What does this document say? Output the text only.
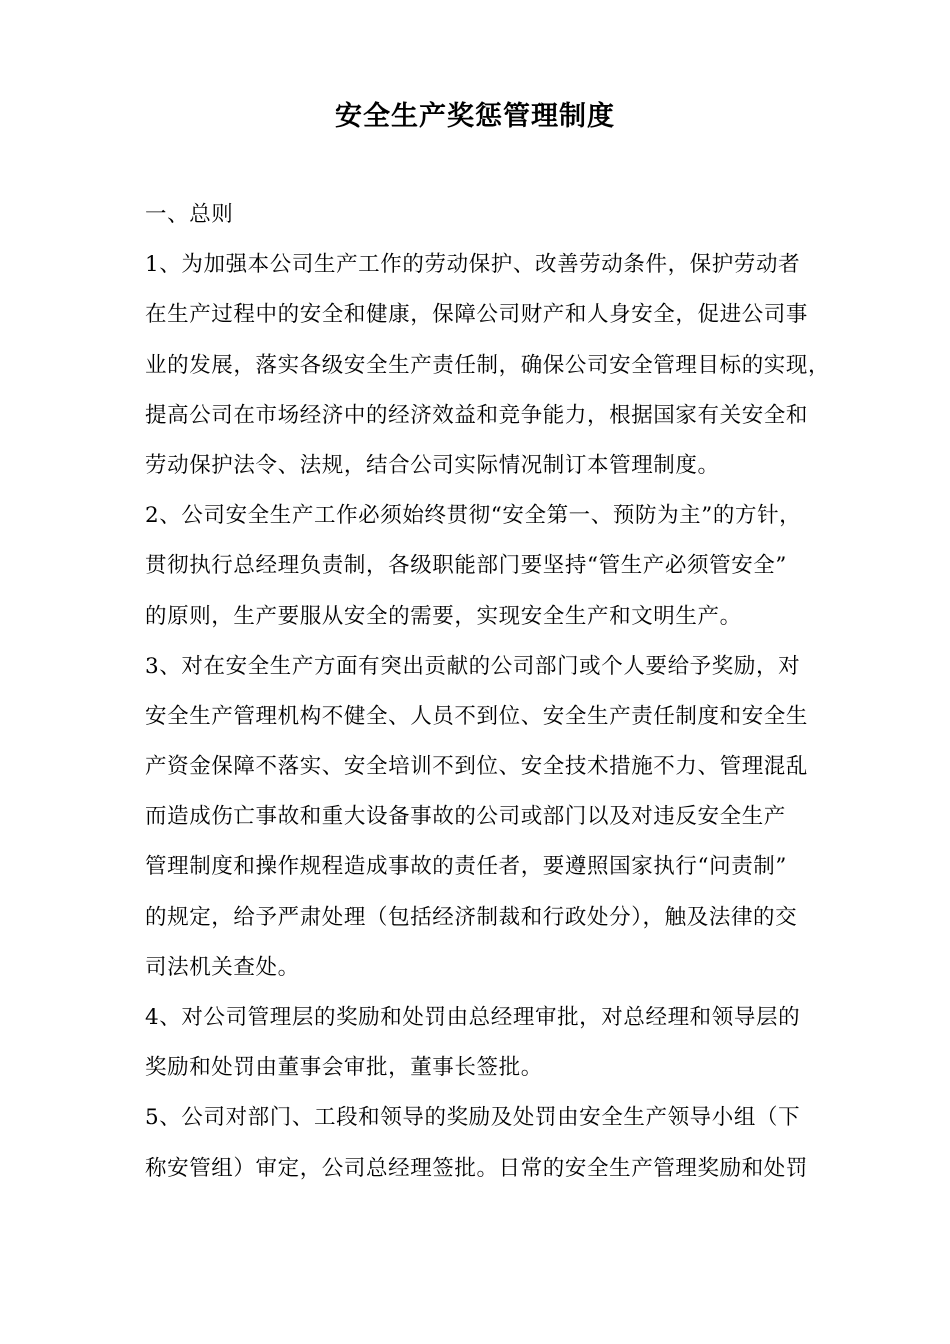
安全生产奖惩管理制度
一、总则
1、为加强本公司生产工作的劳动保护、改善劳动条件，保护劳动者
在生产过程中的安全和健康，保障公司财产和人身安全，促进公司事
业的发展，落实各级安全生产责任制，确保公司安全管理目标的实现，
提高公司在市场经济中的经济效益和竞争能力，根据国家有关安全和
劳动保护法令、法规，结合公司实际情况制订本管理制度。
2、公司安全生产工作必须始终贯彻“安全第一、预防为主”的方针，
贯彻执行总经理负责制，各级职能部门要坚持“管生产必须管安全”
的原则，生产要服从安全的需要，实现安全生产和文明生产。
3、对在安全生产方面有突出贡献的公司部门或个人要给予奖励，对
安全生产管理机构不健全、人员不到位、安全生产责任制度和安全生
产资金保障不落实、安全培训不到位、安全技术措施不力、管理混乱
而造成伤亡事故和重大设备事故的公司或部门以及对违反安全生产
管理制度和操作规程造成事故的责任者，要遵照国家执行“问责制”
的规定，给予严肃处理（包括经济制裁和行政处分），触及法律的交
司法机关查处。
4、对公司管理层的奖励和处罚由总经理审批，对总经理和领导层的
奖励和处罚由董事会审批，董事长签批。
5、公司对部门、工段和领导的奖励及处罚由安全生产领导小组（下
称安管组）审定，公司总经理签批。日常的安全生产管理奖励和处罚
